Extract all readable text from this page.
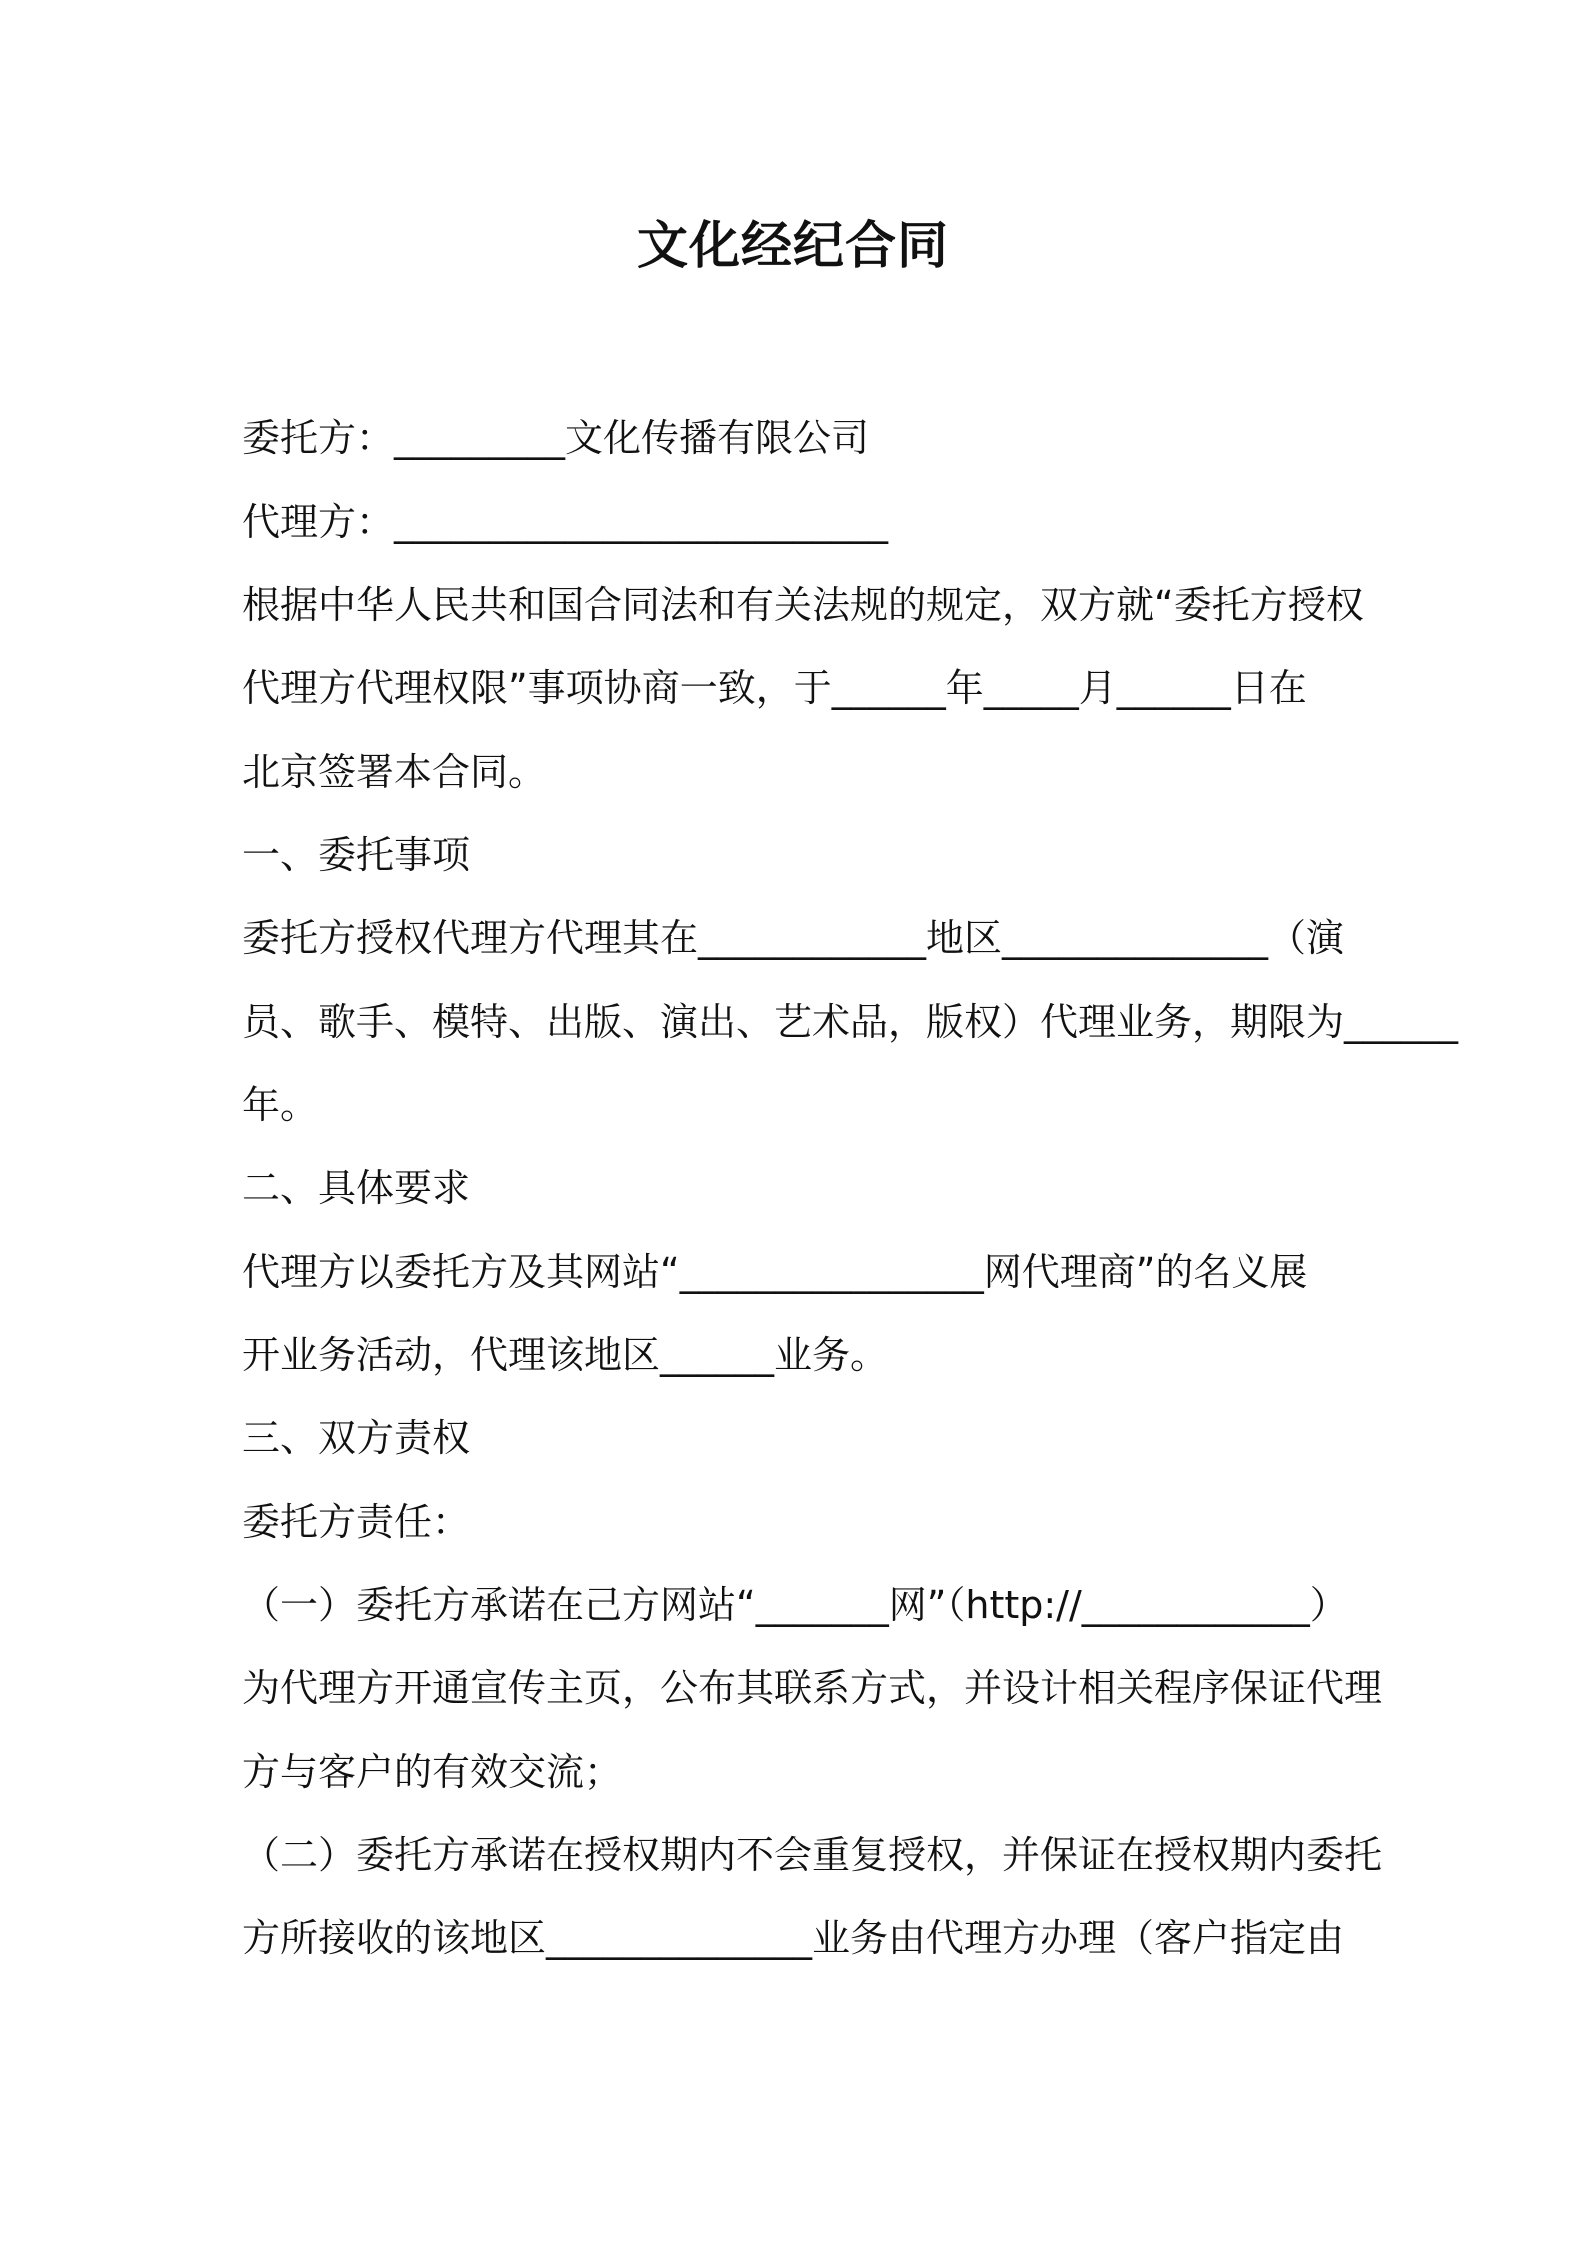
文化经纪合同
委托方：_________文化传播有限公司
代理方：__________________________
根据中华人民共和国合同法和有关法规的规定，双方就“委托方授权
代理方代理权限”事项协商一致，于______年_____月______日在
北京签署本合同。
一、委托事项
委托方授权代理方代理其在____________地区______________（演
员、歌手、模特、出版、演出、艺术品，版权）代理业务，期限为______
年。
二、具体要求
代理方以委托方及其网站“________________网代理商”的名义展
开业务活动，代理该地区______业务。
三、双方责权
委托方责任：
（一）委托方承诺在己方网站“_______网”（http://____________）
为代理方开通宣传主页，公布其联系方式，并设计相关程序保证代理
方与客户的有效交流；
（二）委托方承诺在授权期内不会重复授权，并保证在授权期内委托
方所接收的该地区______________业务由代理方办理（客户指定由
